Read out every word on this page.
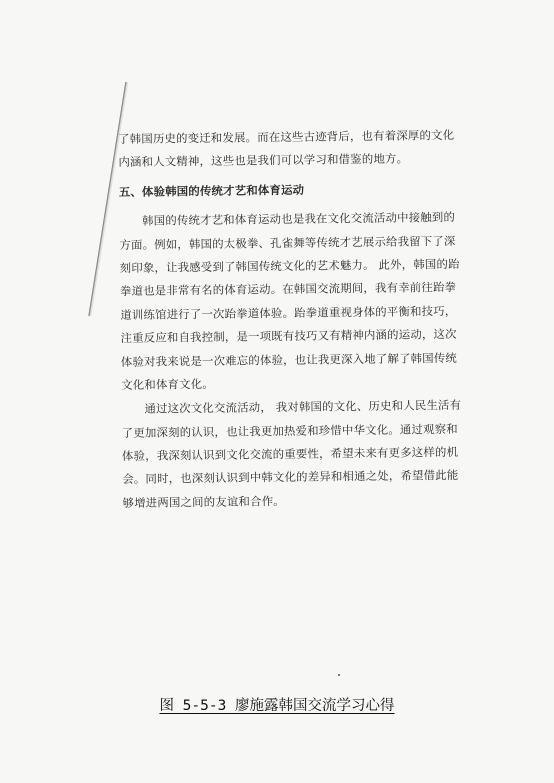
了韩国历史的变迁和发展。而在这些古迹背后，也有着深厚的文化
内涵和人文精神，这些也是我们可以学习和借鉴的地方。
五、体验韩国的传统才艺和体育运动
韩国的传统才艺和体育运动也是我在文化交流活动中接触到的
方面。例如，韩国的太极拳、孔雀舞等传统才艺展示给我留下了深
刻印象，让我感受到了韩国传统文化的艺术魅力。 此外，韩国的跆
拳道也是非常有名的体育运动。在韩国交流期间，我有幸前往跆拳
道训练馆进行了一次跆拳道体验。跆拳道重视身体的平衡和技巧，
注重反应和自我控制，是一项既有技巧又有精神内涵的运动，这次
体验对我来说是一次难忘的体验，也让我更深入地了解了韩国传统
文化和体育文化。
通过这次文化交流活动， 我对韩国的文化、历史和人民生活有
了更加深刻的认识，也让我更加热爱和珍惜中华文化。通过观察和
体验，我深刻认识到文化交流的重要性，希望未来有更多这样的机
会。同时，也深刻认识到中韩文化的差异和相通之处，希望借此能
够增进两国之间的友谊和合作。
图 5-5-3 廖施露韩国交流学习心得
